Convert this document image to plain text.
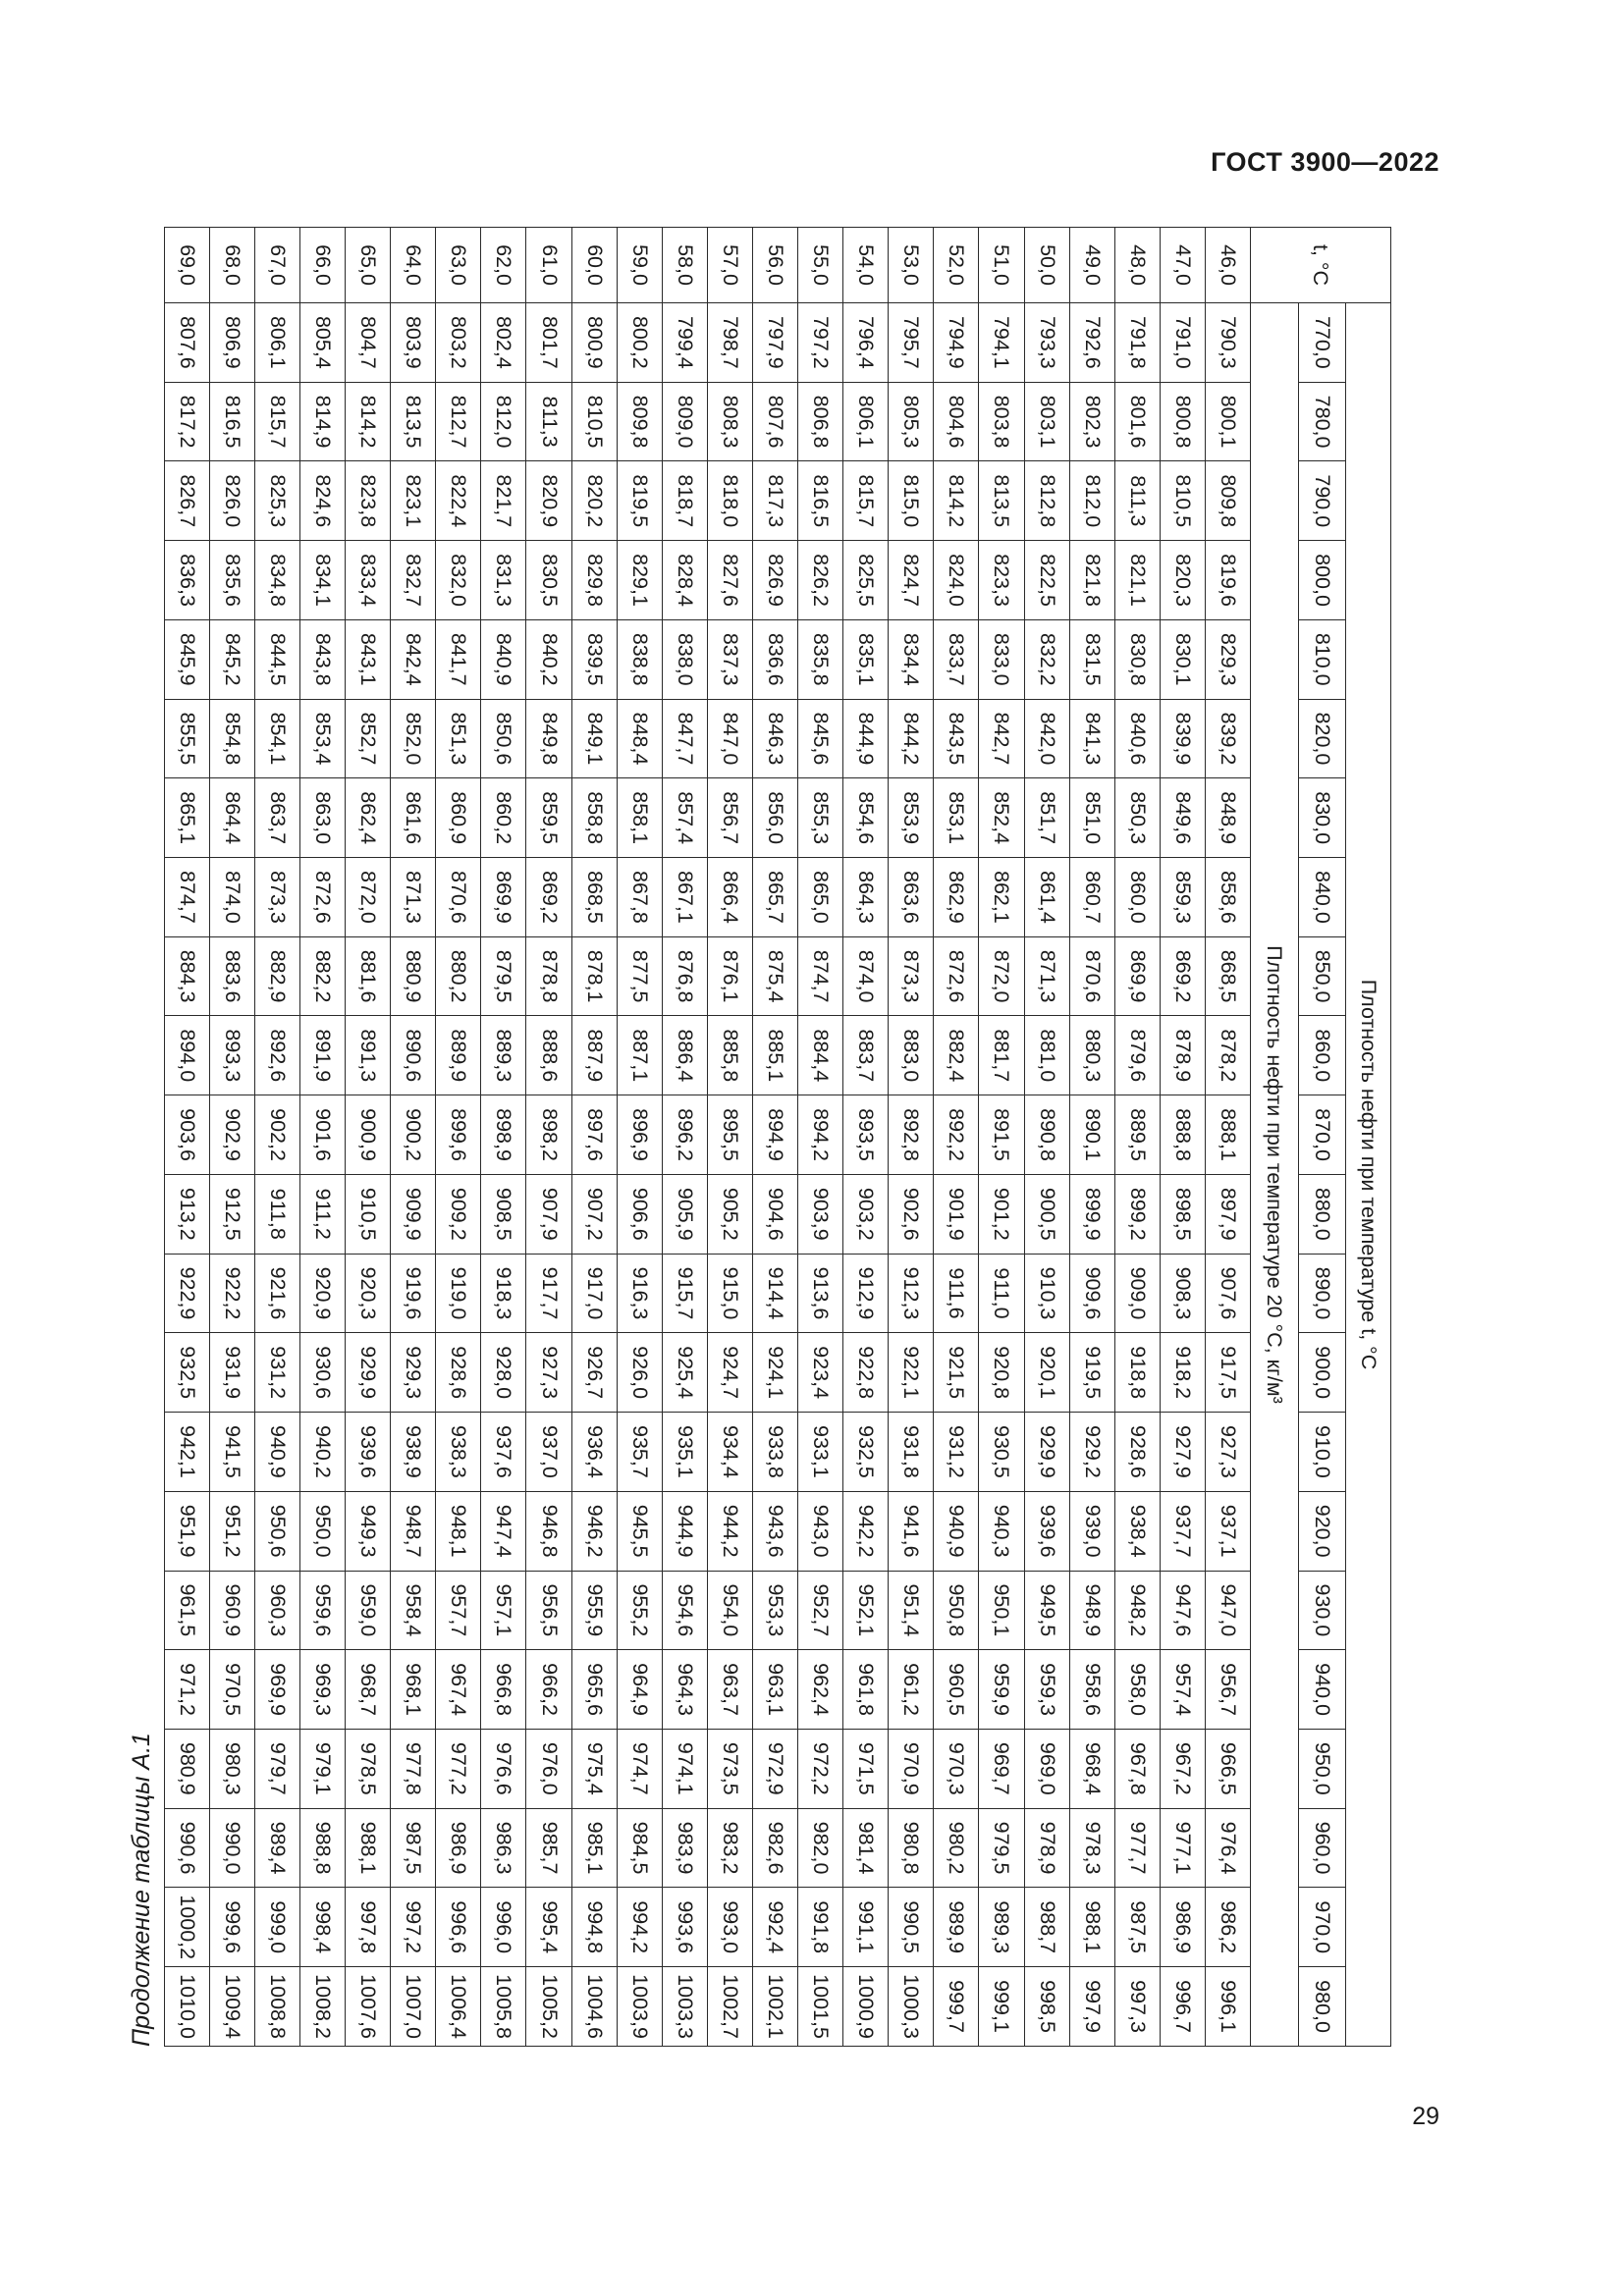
ГОСТ 3900—2022
Продолжение таблицы А.1
t, °C	Плотность нефти при температуре t, °C																					
	770,0	780,0	790,0	800,0	810,0	820,0	830,0	840,0	850,0	860,0	870,0	880,0	890,0	900,0	910,0	920,0	930,0	940,0	950,0	960,0	970,0	980,0
	Плотность нефти при температуре 20 °C, кг/м³																					
46,0	790,3	800,1	809,8	819,6	829,3	839,2	848,9	858,6	868,5	878,2	888,1	897,9	907,6	917,5	927,3	937,1	947,0	956,7	966,5	976,4	986,2	996,1
47,0	791,0	800,8	810,5	820,3	830,1	839,9	849,6	859,3	869,2	878,9	888,8	898,5	908,3	918,2	927,9	937,7	947,6	957,4	967,2	977,1	986,9	996,7
48,0	791,8	801,6	811,3	821,1	830,8	840,6	850,3	860,0	869,9	879,6	889,5	899,2	909,0	918,8	928,6	938,4	948,2	958,0	967,8	977,7	987,5	997,3
49,0	792,6	802,3	812,0	821,8	831,5	841,3	851,0	860,7	870,6	880,3	890,1	899,9	909,6	919,5	929,2	939,0	948,9	958,6	968,4	978,3	988,1	997,9
50,0	793,3	803,1	812,8	822,5	832,2	842,0	851,7	861,4	871,3	881,0	890,8	900,5	910,3	920,1	929,9	939,6	949,5	959,3	969,0	978,9	988,7	998,5
51,0	794,1	803,8	813,5	823,3	833,0	842,7	852,4	862,1	872,0	881,7	891,5	901,2	911,0	920,8	930,5	940,3	950,1	959,9	969,7	979,5	989,3	999,1
52,0	794,9	804,6	814,2	824,0	833,7	843,5	853,1	862,9	872,6	882,4	892,2	901,9	911,6	921,5	931,2	940,9	950,8	960,5	970,3	980,2	989,9	999,7
53,0	795,7	805,3	815,0	824,7	834,4	844,2	853,9	863,6	873,3	883,0	892,8	902,6	912,3	922,1	931,8	941,6	951,4	961,2	970,9	980,8	990,5	1000,3
54,0	796,4	806,1	815,7	825,5	835,1	844,9	854,6	864,3	874,0	883,7	893,5	903,2	912,9	922,8	932,5	942,2	952,1	961,8	971,5	981,4	991,1	1000,9
55,0	797,2	806,8	816,5	826,2	835,8	845,6	855,3	865,0	874,7	884,4	894,2	903,9	913,6	923,4	933,1	943,0	952,7	962,4	972,2	982,0	991,8	1001,5
56,0	797,9	807,6	817,3	826,9	836,6	846,3	856,0	865,7	875,4	885,1	894,9	904,6	914,4	924,1	933,8	943,6	953,3	963,1	972,9	982,6	992,4	1002,1
57,0	798,7	808,3	818,0	827,6	837,3	847,0	856,7	866,4	876,1	885,8	895,5	905,2	915,0	924,7	934,4	944,2	954,0	963,7	973,5	983,2	993,0	1002,7
58,0	799,4	809,0	818,7	828,4	838,0	847,7	857,4	867,1	876,8	886,4	896,2	905,9	915,7	925,4	935,1	944,9	954,6	964,3	974,1	983,9	993,6	1003,3
59,0	800,2	809,8	819,5	829,1	838,8	848,4	858,1	867,8	877,5	887,1	896,9	906,6	916,3	926,0	935,7	945,5	955,2	964,9	974,7	984,5	994,2	1003,9
60,0	800,9	810,5	820,2	829,8	839,5	849,1	858,8	868,5	878,1	887,9	897,6	907,2	917,0	926,7	936,4	946,2	955,9	965,6	975,4	985,1	994,8	1004,6
61,0	801,7	811,3	820,9	830,5	840,2	849,8	859,5	869,2	878,8	888,6	898,2	907,9	917,7	927,3	937,0	946,8	956,5	966,2	976,0	985,7	995,4	1005,2
62,0	802,4	812,0	821,7	831,3	840,9	850,6	860,2	869,9	879,5	889,3	898,9	908,5	918,3	928,0	937,6	947,4	957,1	966,8	976,6	986,3	996,0	1005,8
63,0	803,2	812,7	822,4	832,0	841,7	851,3	860,9	870,6	880,2	889,9	899,6	909,2	919,0	928,6	938,3	948,1	957,7	967,4	977,2	986,9	996,6	1006,4
64,0	803,9	813,5	823,1	832,7	842,4	852,0	861,6	871,3	880,9	890,6	900,2	909,9	919,6	929,3	938,9	948,7	958,4	968,1	977,8	987,5	997,2	1007,0
65,0	804,7	814,2	823,8	833,4	843,1	852,7	862,4	872,0	881,6	891,3	900,9	910,5	920,3	929,9	939,6	949,3	959,0	968,7	978,5	988,1	997,8	1007,6
66,0	805,4	814,9	824,6	834,1	843,8	853,4	863,0	872,6	882,2	891,9	901,6	911,2	920,9	930,6	940,2	950,0	959,6	969,3	979,1	988,8	998,4	1008,2
67,0	806,1	815,7	825,3	834,8	844,5	854,1	863,7	873,3	882,9	892,6	902,2	911,8	921,6	931,2	940,9	950,6	960,3	969,9	979,7	989,4	999,0	1008,8
68,0	806,9	816,5	826,0	835,6	845,2	854,8	864,4	874,0	883,6	893,3	902,9	912,5	922,2	931,9	941,5	951,2	960,9	970,5	980,3	990,0	999,6	1009,4
69,0	807,6	817,2	826,7	836,3	845,9	855,5	865,1	874,7	884,3	894,0	903,6	913,2	922,9	932,5	942,1	951,9	961,5	971,2	980,9	990,6	1000,2	1010,0
29
